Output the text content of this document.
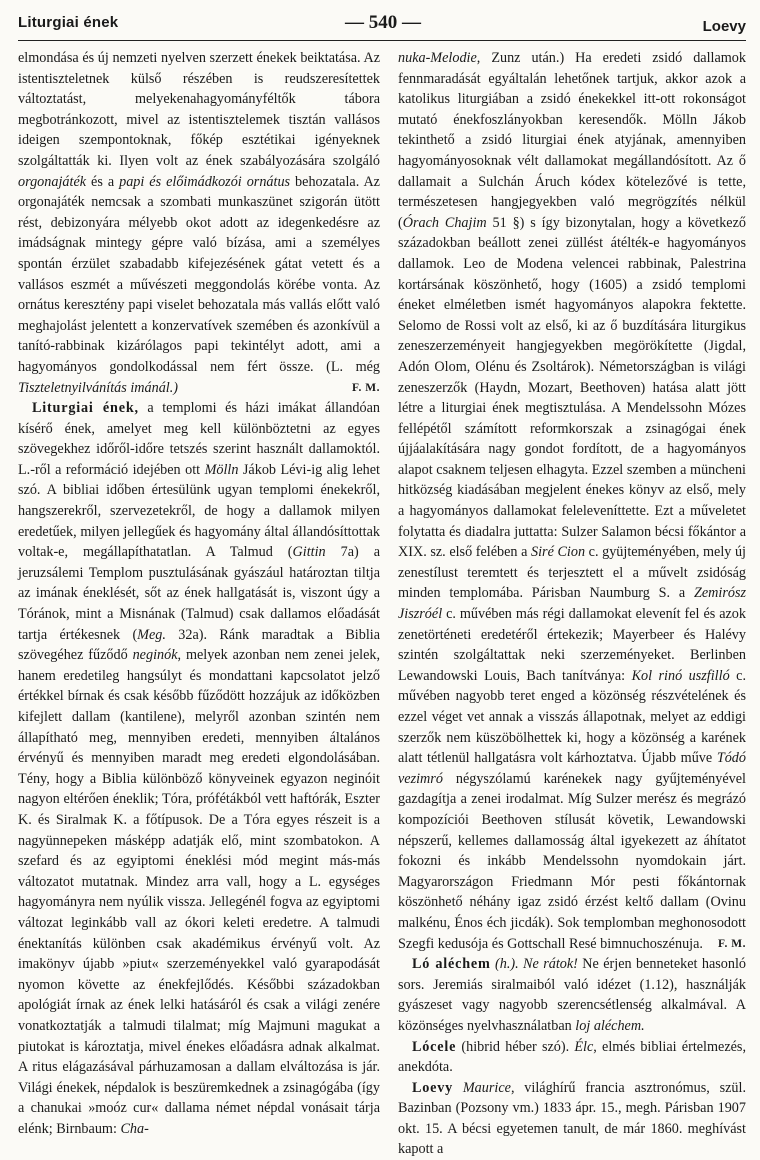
Liturgiai ének	— 540 —	Loevy

elmondása és új nemzeti nyelven szerzett énekek beiktatása. Az istentiszteletnek külső részében is reudszeresítettek változtatást, melyekenahagyományféltők tábora megbotránkozott, mivel az istentisztelemek tisztán vallásos ideigen szempontoknak, főkép esztétikai igényeknek szolgáltatták ki. Ilyen volt az ének szabályozására szolgáló orgonajáték és a papi és előimádkozói ornátus behozatala. Az orgonajáték nemcsak a szombati munkaszünet szigorán ütött rést, debizonyára mélyebb okot adott az idegenkedésre az imádságnak mintegy gépre való bízása, ami a személyes spontán érzület szabadabb kifejezésének gátat vetett és a vallásos eszmét a művészeti meggondolás körébe vonta. Az ornátus keresztény papi viselet behozatala más vallás előtt való meghajolást jelentett a konzervatívek szemében és azonkívül a tanító-rabbinak kizárólagos papi tekintélyt adott, ami a hagyományos gondolkodással nem fért össze. (L. még Tiszteletnyilvánítás imánál.)	F. M.

Liturgiai ének, a templomi és házi imákat állandóan kísérő ének, amelyet meg kell különböztetni az egyes szövegekhez időről-időre tetszés szerint használt dallamoktól. L.-ről a reformáció idejében ott Mölln Jákob Lévi-ig alig lehet szó. A bibliai időben értesülünk ugyan templomi énekekről, hangszerekről, szervezetekről, de hogy a dallamok milyen eredetűek, milyen jellegűek és hagyomány által állandósíttottak voltak-e, megállapíthatatlan. A Talmud (Gittin 7a) a jeruzsálemi Templom pusztulásának gyászául határoztan tiltja az imának éneklését, sőt az ének hallgatását is, viszont úgy a Tóránok, mint a Misnának (Talmud) csak dallamos előadását tartja értékesnek (Meg. 32a). Ránk maradtak a Biblia szövegéhez fűződő neginók, melyek azonban nem zenei jelek, hanem eredetileg hangsúlyt és mondattani kapcsolatot jelző értékkel bírnak és csak később fűződött hozzájuk az időközben kifejlett dallam (kantilene), melyről azonban szintén nem állapítható meg, mennyiben eredeti, mennyiben általános érvényű és mennyiben maradt meg eredeti elgondolásában. Tény, hogy a Biblia különböző könyveinek egyazon neginóit nagyon eltérően éneklik; Tóra, prófétákból vett haftórák, Eszter K. és Siralmak K. a főtípusok. De a Tóra egyes részeit is a nagyünnepeken másképp adatják elő, mint szombatokon. A szefard és az egyiptomi éneklési mód megint más-más változatot mutatnak. Mindez arra vall, hogy a L. egységes hagyományra nem nyúlik vissza. Jellegénél fogva az egyiptomi változat leginkább vall az ókori keleti eredetre. A talmudi énektanítás különben csak akadémikus érvényű volt. Az imakönyv újabb »piut« szerzeményekkel való gyarapodását nyomon követte az énekfejlődés. Későbbi századokban apológiát írnak az ének lelki hatásáról és csak a világi zenére vonatkoztatják a talmudi tilalmat; míg Majmuni magukat a piutokat is károztatja, mivel énekes előadásra adnak alkalmat. A ritus elágazásával párhuzamosan a dallam elváltozása is jár. Világi énekek, népdalok is beszüremkednek a zsinagógába (így a chanukai »moóz cur« dallama német népdal vonásait tárja elénk; Birnbaum: Cha-

nuka-Melodie, Zunz után.) Ha eredeti zsidó dallamok fennmaradását egyáltalán lehetőnek tartjuk, akkor azok a katolikus liturgiában a zsidó énekekkel itt-ott rokonságot mutató énekfoszlányokban keresendők. Mölln Jákob tekinthető a zsidó liturgiai ének atyjának, amennyiben hagyományosoknak vélt dallamokat megállandósított. Az ő dallamait a Sulchán Áruch kódex kötelezővé is tette, természetesen hangjegyekben való megrögzítés nélkül (Órach Chajim 51 §) s így bizonytalan, hogy a következő századokban beállott zenei züllést átélték-e hagyományos dallamok. Leo de Modena velencei rabbinak, Palestrina kortársának köszönhető, hogy (1605) a zsidó templomi éneket elméletben ismét hagyományos alapokra fektette. Selomo de Rossi volt az első, ki az ő buzdítására liturgikus zeneszerzeményeit hangjegyekben megörökítette (Jigdal, Adón Olom, Olénu és Zsoltárok). Németországban is világi zeneszerzők (Haydn, Mozart, Beethoven) hatása alatt jött létre a liturgiai ének megtisztulása. A Mendelssohn Mózes fellépétől számított reformkorszak a zsinagógai ének újjáalakítására nagy gondot fordított, de a hagyományos alapot csaknem teljesen elhagyta. Ezzel szemben a müncheni hitközség kiadásában megjelent énekes könyv az első, mely a hagyományos dallamokat feleleveníttette. Ezt a műveletet folytatta és diadalra juttatta: Sulzer Salamon bécsi főkántor a XIX. sz. első felében a Siré Cion c. gyüjteményében, mely új zenestílust teremtett és terjesztett el a művelt zsidóság minden templomába. Párisban Naumburg S. a Zemirósz Jiszróél c. művében más régi dallamokat elevenít fel és azok zenetörténeti eredetéről értekezik; Mayerbeer és Halévy szintén szolgáltattak neki szerzeményeket. Berlinben Lewandowski Louis, Bach tanítványa: Kol rinó uszfilló c. művében nagyobb teret enged a közönség részvételének és ezzel véget vet annak a visszás állapotnak, melyet az eddigi szerzők nem küszöbölhettek ki, hogy a közönség a karének alatt tétlenül hallgatásra volt kárhoztatva. Újabb műve Tódó vezimró négyszólamú karénekek nagy gyűjteményével gazdagítja a zenei irodalmat. Míg Sulzer merész és megrázó kompozíciói Beethoven stílusát követik, Lewandowski népszerű, kellemes dallamosság által igyekezett az áhítatot fokozni és inkább Mendelssohn nyomdokain járt. Magyarországon Friedmann Mór pesti főkántornak köszönhető néhány igaz zsidó érzést keltő dallam (Ovinu malkénu, Énos éch jicdák). Sok templomban meghonosodott Szegfi kedusója és Gottschall Resé bimnuchoszénuja.	F. M.

Ló aléchem (h.). Ne rátok! Ne érjen benneteket hasonló sors. Jeremiás siralmaiból való idézet (1.12), használják gyászeset vagy nagyobb szerencsétlenség alkalmával. A közönséges nyelvhasználatban loj aléchem.

Lócele (hibrid héber szó). Élc, elmés bibliai értelmezés, anekdóta.

Loevy Maurice, világhírű francia asztronómus, szül. Bazinban (Pozsony vm.) 1833 ápr. 15., megh. Párisban 1907 okt. 15. A bécsi egyetemen tanult, de már 1860. meghívást kapott a
